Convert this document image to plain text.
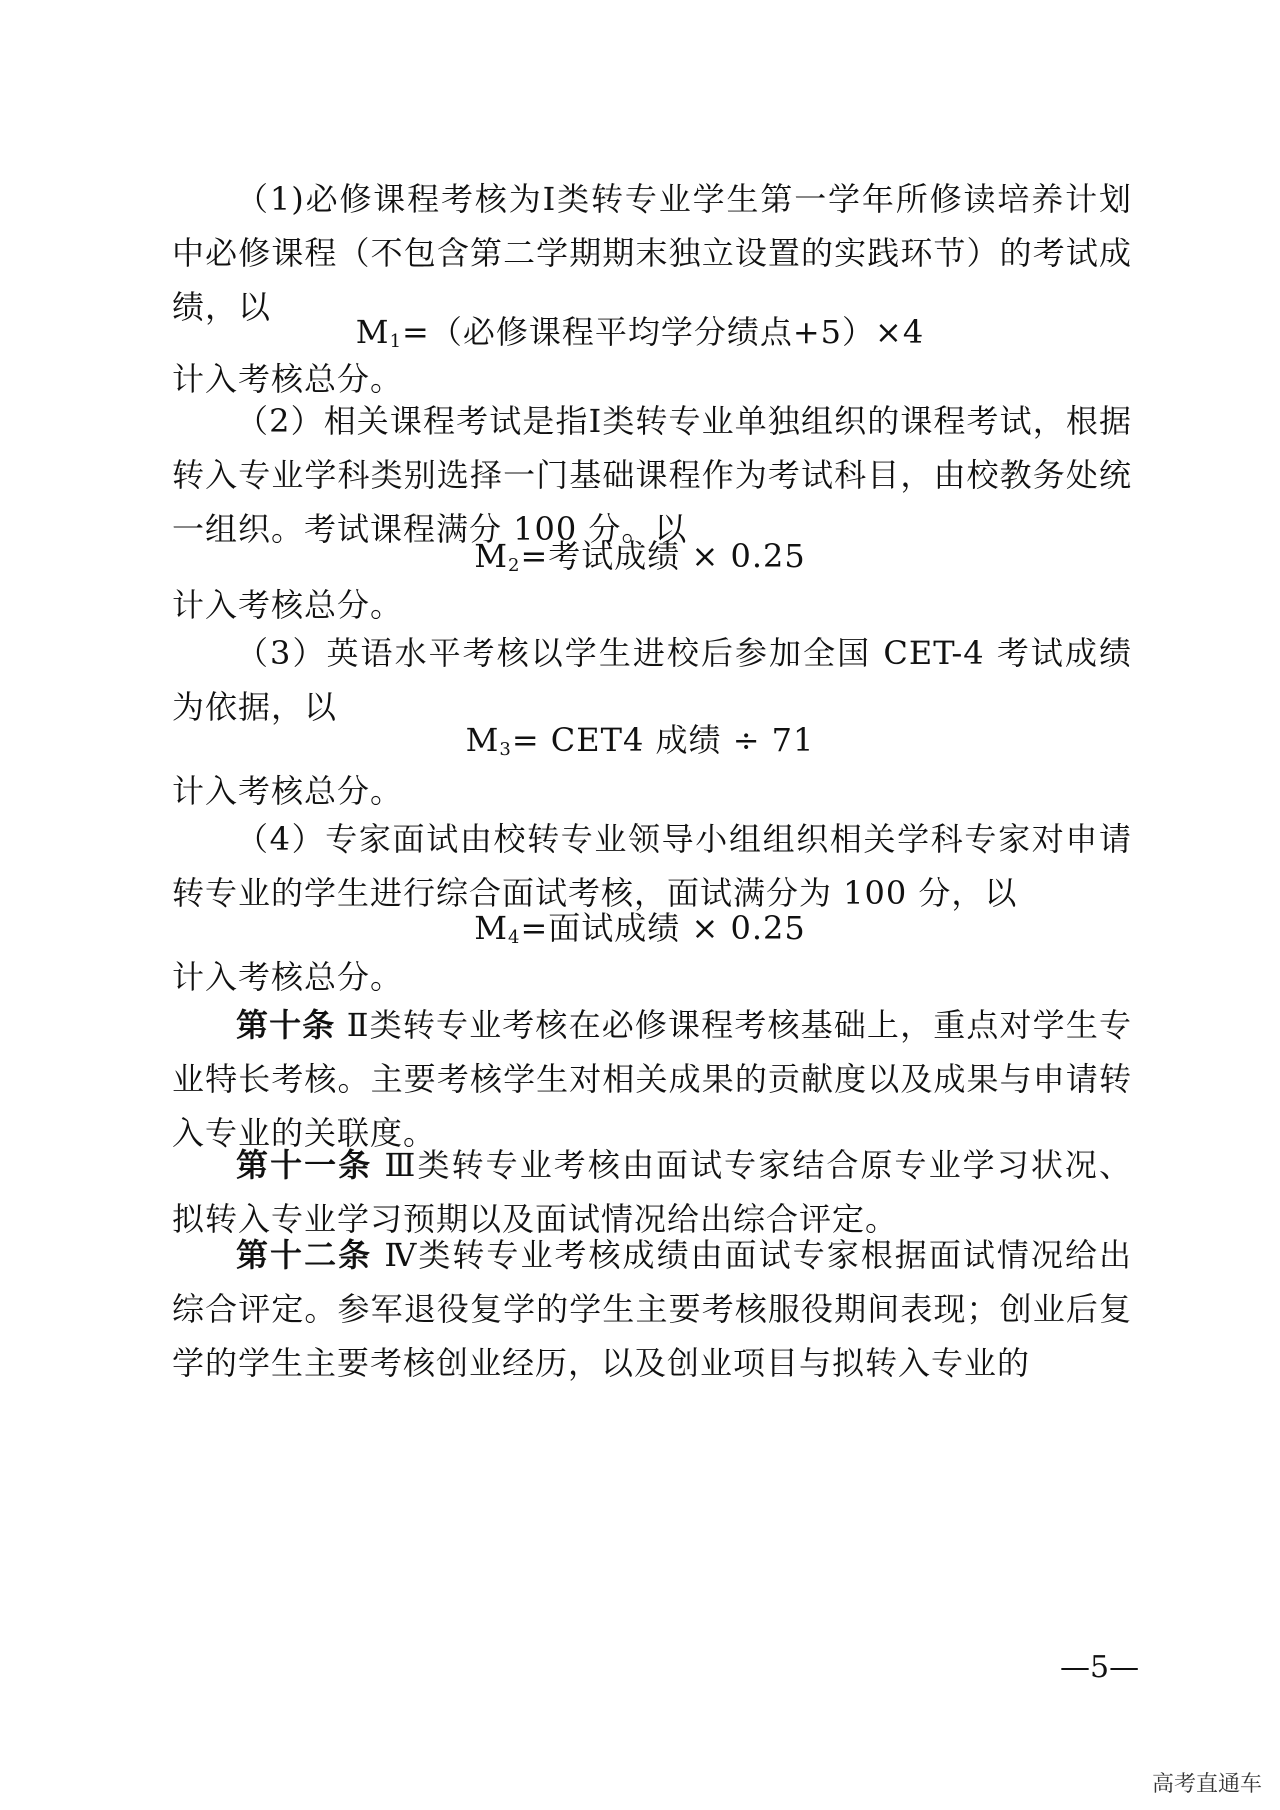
（1)必修课程考核为Ⅰ类转专业学生第一学年所修读培养计划中必修课程（不包含第二学期期末独立设置的实践环节）的考试成绩，以

$M_1=$（必修课程平均学分绩点+5）×4

计入考核总分。

（2）相关课程考试是指Ⅰ类转专业单独组织的课程考试，根据转入专业学科类别选择一门基础课程作为考试科目，由校教务处统一组织。考试课程满分 100 分。以

$M_2=$考试成绩 × 0.25

计入考核总分。

（3）英语水平考核以学生进校后参加全国 CET-4 考试成绩为依据，以

$M_3= CET4$ 成绩 ÷ 71

计入考核总分。

（4）专家面试由校转专业领导小组组织相关学科专家对申请转专业的学生进行综合面试考核，面试满分为 100 分，以

$M_4=$面试成绩 × 0.25

计入考核总分。

第十条 Ⅱ类转专业考核在必修课程考核基础上，重点对学生专业特长考核。主要考核学生对相关成果的贡献度以及成果与申请转入专业的关联度。

第十一条 Ⅲ类转专业考核由面试专家结合原专业学习状况、拟转入专业学习预期以及面试情况给出综合评定。

第十二条 Ⅳ类转专业考核成绩由面试专家根据面试情况给出综合评定。参军退役复学的学生主要考核服役期间表现；创业后复学的学生主要考核创业经历，以及创业项目与拟转入专业的

—5—
高考直通车
